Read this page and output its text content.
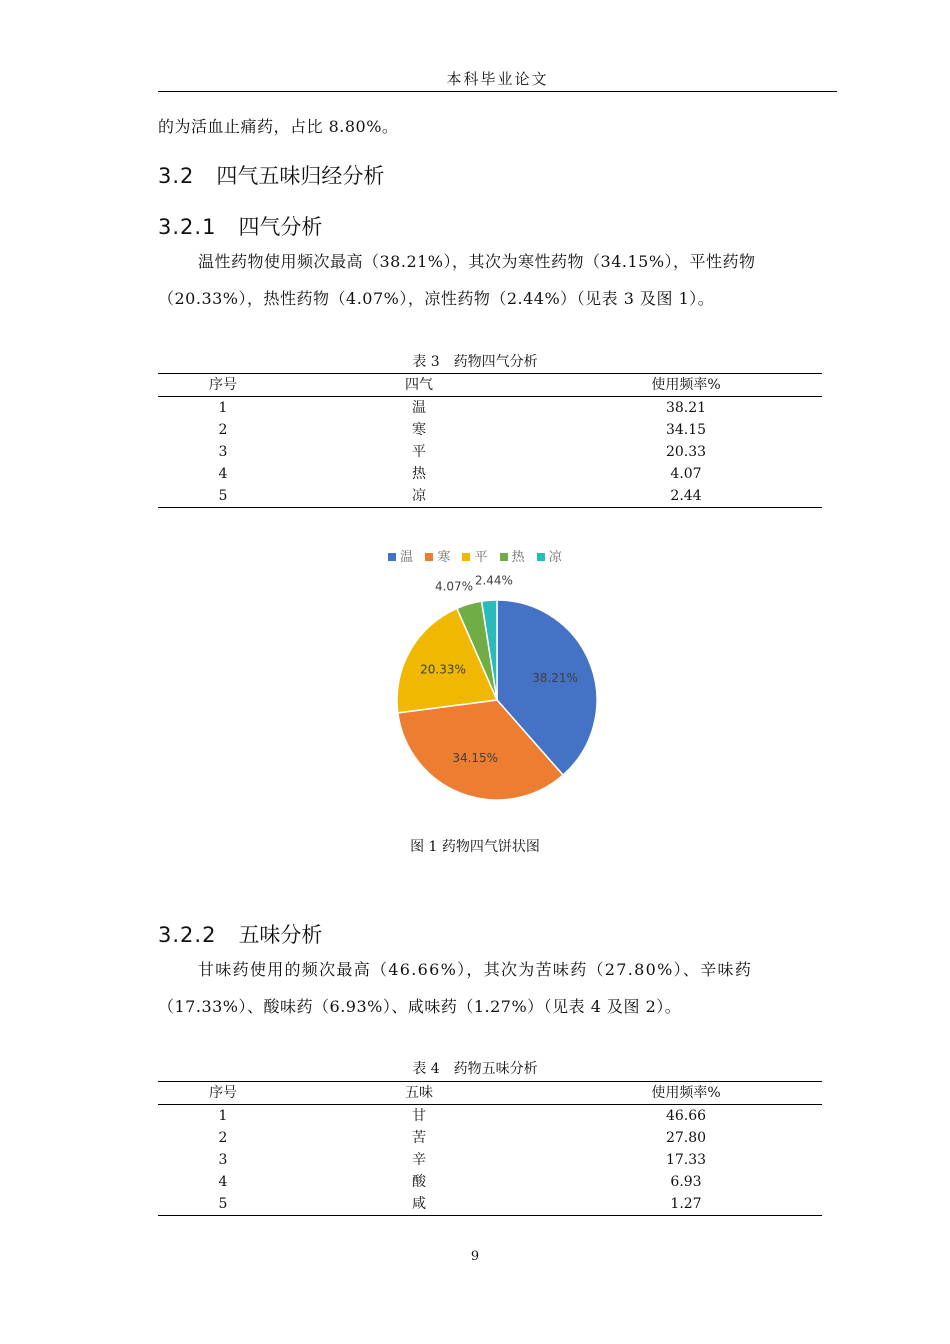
本科毕业论文
的为活血止痛药，占比 8.80%。
3.2 四气五味归经分析
3.2.1 四气分析
温性药物使用频次最高（38.21%），其次为寒性药物（34.15%），平性药物
（20.33%），热性药物（4.07%），凉性药物（2.44%）（见表 3 及图 1）。
表 3　药物四气分析
序号	四气	使用频率%
1	温	38.21
2	寒	34.15
3	平	20.33
4	热	4.07
5	凉	2.44
温 寒 平 热 凉
38.21%
34.15%
20.33%
4.07% 2.44%
图 1 药物四气饼状图
3.2.2 五味分析
甘味药使用的频次最高（46.66%），其次为苦味药（27.80%）、辛味药
（17.33%）、酸味药（6.93%）、咸味药（1.27%）（见表 4 及图 2）。
表 4　药物五味分析
序号	五味	使用频率%
1	甘	46.66
2	苦	27.80
3	辛	17.33
4	酸	6.93
5	咸	1.27
9
